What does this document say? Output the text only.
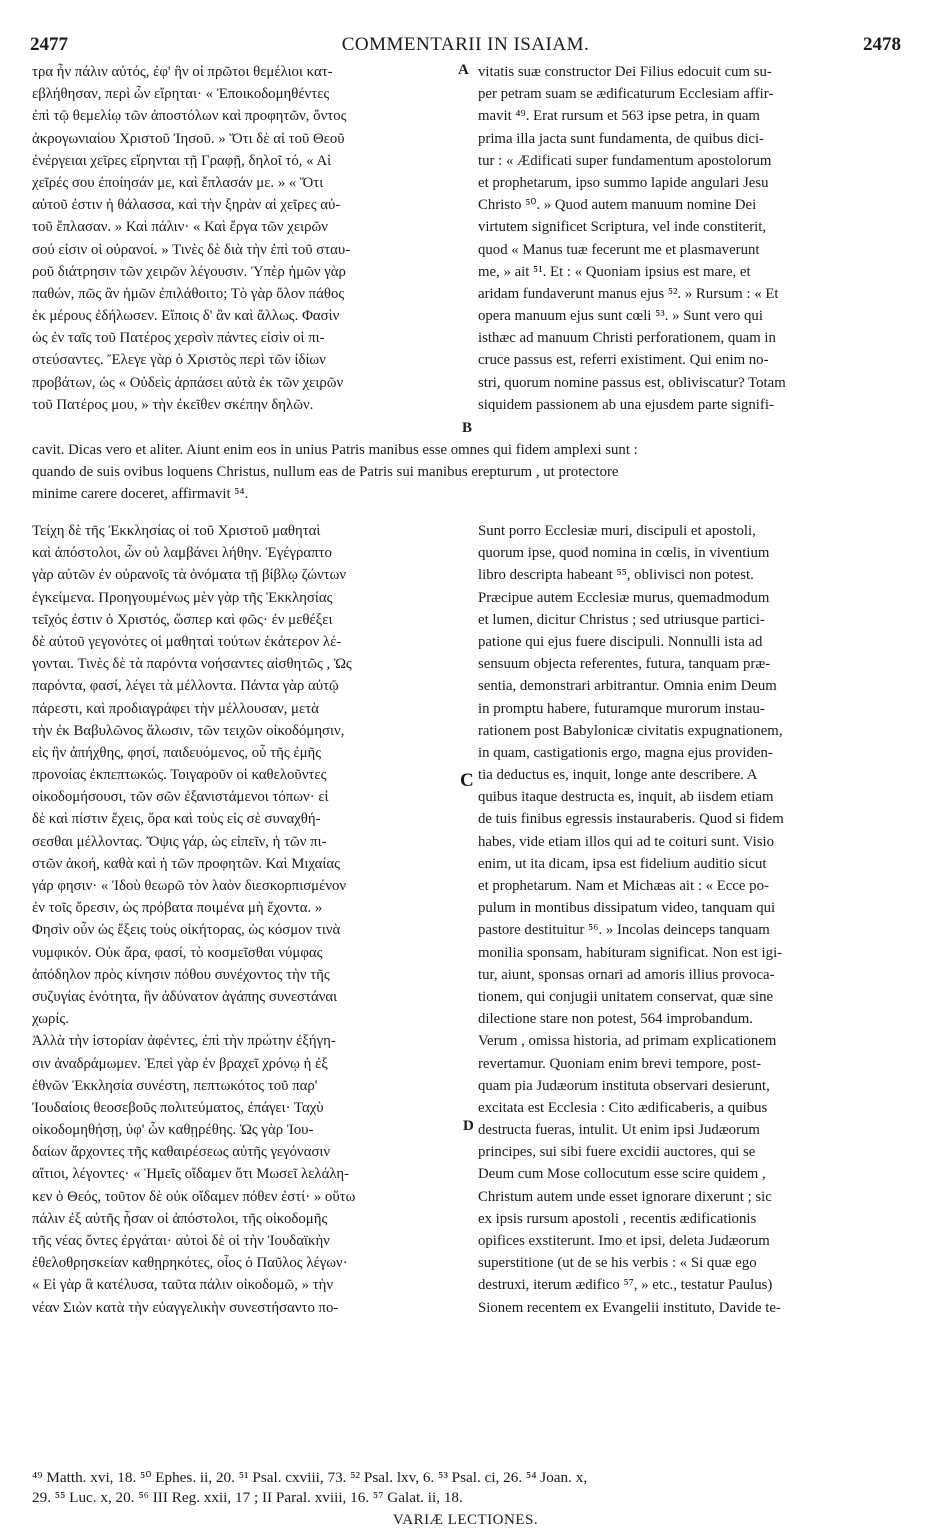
2477	COMMENTARII IN ISAIAM.	2478
A
B
C
D
τρα ἦν πάλιν αὐτός, ἐφ' ἣν οἱ πρῶτοι θεμέλιοι κατ-
εβλήθησαν, περὶ ὧν εἴρηται· « Ἐποικοδομηθέντες
ἐπὶ τῷ θεμελίῳ τῶν ἀποστόλων καὶ προφητῶν, ὄντος
ἀκρογωνιαίου Χριστοῦ Ἰησοῦ. » Ὅτι δὲ αἱ τοῦ Θεοῦ
ἐνέργειαι χεῖρες εἴρηνται τῇ Γραφῇ, δηλοῖ τό, « Αἱ
χεῖρές σου ἐποίησάν με, καὶ ἔπλασάν με. » « Ὅτι
αὐτοῦ ἐστιν ἡ θάλασσα, καὶ τὴν ξηρὰν αἱ χεῖρες αὐ-
τοῦ ἔπλασαν. » Καὶ πάλιν· « Καὶ ἔργα τῶν χειρῶν
σού εἰσιν οἱ οὐρανοί. » Τινὲς δὲ διὰ τὴν ἐπὶ τοῦ σταυ-
ροῦ διάτρησιν τῶν χειρῶν λέγουσιν. Ὑπὲρ ἡμῶν γὰρ
παθών, πῶς ἂν ἡμῶν ἐπιλάθοιτο; Τὸ γὰρ ὅλον πάθος
ἐκ μέρους ἐδήλωσεν. Εἴποις δ' ἂν καὶ ἄλλως. Φασὶν
ὡς ἐν ταῖς τοῦ Πατέρος χερσὶν πάντες εἰσὶν οἱ πι-
στεύσαντες. Ἔλεγε γὰρ ὁ Χριστὸς περὶ τῶν ἰδίων
προβάτων, ὡς « Οὐδεὶς ἁρπάσει αὐτὰ ἐκ τῶν χειρῶν
τοῦ Πατέρος μου, » τὴν ἐκεῖθεν σκέπην δηλῶν.
vitatis suæ constructor Dei Filius edocuit cum su-
per petram suam se ædificaturum Ecclesiam affir-
mavit ⁴⁹. Erat rursum et 563 ipse petra, in quam
prima illa jacta sunt fundamenta, de quibus dici-
tur : « Ædificati super fundamentum apostolorum
et prophetarum, ipso summo lapide angulari Jesu
Christo ⁵⁰. » Quod autem manuum nomine Dei
virtutem significet Scriptura, vel inde constiterit,
quod « Manus tuæ fecerunt me et plasmaverunt
me, » ait ⁵¹. Et : « Quoniam ipsius est mare, et
aridam fundaverunt manus ejus ⁵². » Rursum : « Et
opera manuum ejus sunt cœli ⁵³. » Sunt vero qui
isthæc ad manuum Christi perforationem, quam in
cruce passus est, referri existiment. Qui enim no-
stri, quorum nomine passus est, obliviscatur? Totam
siquidem passionem ab una ejusdem parte signifi-
cavit. Dicas vero et aliter. Aiunt enim eos in unius Patris manibus esse omnes qui fidem amplexi sunt :
quando de suis ovibus loquens Christus, nullum eas de Patris sui manibus erepturum , ut protectore
minime carere doceret, affirmavit ⁵⁴.
Τείχη δὲ τῆς Ἐκκλησίας οἱ τοῦ Χριστοῦ μαθηταὶ
καὶ ἀπόστολοι, ὧν οὐ λαμβάνει λήθην. Ἐγέγραπτο
γὰρ αὐτῶν ἐν οὐρανοῖς τὰ ὀνόματα τῇ βίβλῳ ζώντων
ἐγκείμενα. Προηγουμένως μὲν γὰρ τῆς Ἐκκλησίας
τεῖχός ἐστιν ὁ Χριστός, ὥσπερ καὶ φῶς· ἐν μεθέξει
δὲ αὐτοῦ γεγονότες οἱ μαθηταὶ τούτων ἑκάτερον λέ-
γονται. Τινὲς δὲ τὰ παρόντα νοήσαντες αἰσθητῶς , Ὡς
παρόντα, φασί, λέγει τὰ μέλλοντα. Πάντα γὰρ αὐτῷ
πάρεστι, καὶ προδιαγράφει τὴν μέλλουσαν, μετὰ
τὴν ἐκ Βαβυλῶνος ἅλωσιν, τῶν τειχῶν οἰκοδόμησιν,
εἰς ἣν ἀπήχθης, φησί, παιδευόμενος, οὗ τῆς ἐμῆς
προνοίας ἐκπεπτωκώς. Τοιγαροῦν οἱ καθελοῦντες
οἰκοδομήσουσι, τῶν σῶν ἐξανιστάμενοι τόπων· εἰ
δὲ καὶ πίστιν ἔχεις, ὅρα καὶ τοὺς εἰς σὲ συναχθή-
σεσθαι μέλλοντας. Ὄψις γάρ, ὡς εἰπεῖν, ἡ τῶν πι-
στῶν ἀκοή, καθὰ καὶ ἡ τῶν προφητῶν. Καὶ Μιχαίας
γάρ φησιν· « Ἰδοὺ θεωρῶ τὸν λαὸν διεσκορπισμένον
ἐν τοῖς ὄρεσιν, ὡς πρόβατα ποιμένα μὴ ἔχοντα. »
Φησὶν οὖν ὡς ἕξεις τοὺς οἰκήτορας, ὡς κόσμον τινὰ
νυμφικόν. Οὐκ ἄρα, φασί, τὸ κοσμεῖσθαι νύμφας
ἀπόδηλον πρὸς κίνησιν πόθου συνέχοντος τὴν τῆς
συζυγίας ἑνότητα, ἣν ἀδύνατον ἀγάπης συνεστάναι
χωρίς.
Ἀλλὰ τὴν ἱστορίαν ἀφέντες, ἐπὶ τὴν πρώτην ἐξήγη-
σιν ἀναδράμωμεν. Ἐπεὶ γὰρ ἐν βραχεῖ χρόνῳ ἡ ἐξ
ἐθνῶν Ἐκκλησία συνέστη, πεπτωκότος τοῦ παρ'
Ἰουδαίοις θεοσεβοῦς πολιτεύματος, ἐπάγει· Ταχὺ
οἰκοδομηθήσῃ, ὑφ' ὧν καθῃρέθης. Ὡς γὰρ Ἰου-
δαίων ἄρχοντες τῆς καθαιρέσεως αὐτῆς γεγόνασιν
αἴτιοι, λέγοντες· « Ἡμεῖς οἴδαμεν ὅτι Μωσεῖ λελάλη-
κεν ὁ Θεός, τοῦτον δὲ οὐκ οἴδαμεν πόθεν ἐστί· » οὕτω
πάλιν ἐξ αὐτῆς ἦσαν οἱ ἀπόστολοι, τῆς οἰκοδομῆς
τῆς νέας ὄντες ἐργάται· αὐτοὶ δὲ οἱ τὴν Ἰουδαϊκὴν
ἐθελοθρησκείαν καθῃρηκότες, οἷος ὁ Παῦλος λέγων·
« Εἰ γὰρ ἃ κατέλυσα, ταῦτα πάλιν οἰκοδομῶ, » τὴν
νέαν Σιὼν κατὰ τὴν εὐαγγελικὴν συνεστήσαντο πο-
Sunt porro Ecclesiæ muri, discipuli et apostoli,
quorum ipse, quod nomina in cœlis, in viventium
libro descripta habeant ⁵⁵, oblivisci non potest.
Præcipue autem Ecclesiæ murus, quemadmodum
et lumen, dicitur Christus ; sed utriusque partici-
patione qui ejus fuere discipuli. Nonnulli ista ad
sensuum objecta referentes, futura, tanquam præ-
sentia, demonstrari arbitrantur. Omnia enim Deum
in promptu habere, futuramque murorum instau-
rationem post Babylonicæ civitatis expugnationem,
in quam, castigationis ergo, magna ejus providen-
tia deductus es, inquit, longe ante describere. A
quibus itaque destructa es, inquit, ab iisdem etiam
de tuis finibus egressis instauraberis. Quod si fidem
habes, vide etiam illos qui ad te coituri sunt. Visio
enim, ut ita dicam, ipsa est fidelium auditio sicut
et prophetarum. Nam et Michæas ait : « Ecce po-
pulum in montibus dissipatum video, tanquam qui
pastore destituitur ⁵⁶. » Incolas deinceps tanquam
monilia sponsam, habituram significat. Non est igi-
tur, aiunt, sponsas ornari ad amoris illius provoca-
tionem, qui conjugii unitatem conservat, quæ sine
dilectione stare non potest, 564 improbandum.
Verum , omissa historia, ad primam explicationem
revertamur. Quoniam enim brevi tempore, post-
quam pia Judæorum instituta observari desierunt,
excitata est Ecclesia : Cito ædificaberis, a quibus
destructa fueras, intulit. Ut enim ipsi Judæorum
principes, sui sibi fuere excidii auctores, qui se
Deum cum Mose collocutum esse scire quidem ,
Christum autem unde esset ignorare dixerunt ; sic
ex ipsis rursum apostoli , recentis ædificationis
opifices exstiterunt. Imo et ipsi, deleta Judæorum
superstitione (ut de se his verbis : « Si quæ ego
destruxi, iterum ædifico ⁵⁷, » etc., testatur Paulus)
Sionem recentem ex Evangelii instituto, Davide te-
⁴⁹ Matth. xvi, 18. ⁵⁰ Ephes. ii, 20. ⁵¹ Psal. cxviii, 73. ⁵² Psal. lxv, 6. ⁵³ Psal. ci, 26. ⁵⁴ Joan. x,
29. ⁵⁵ Luc. x, 20. ⁵⁶ III Reg. xxii, 17 ; II Paral. xviii, 16. ⁵⁷ Galat. ii, 18.
VARIÆ LECTIONES.
